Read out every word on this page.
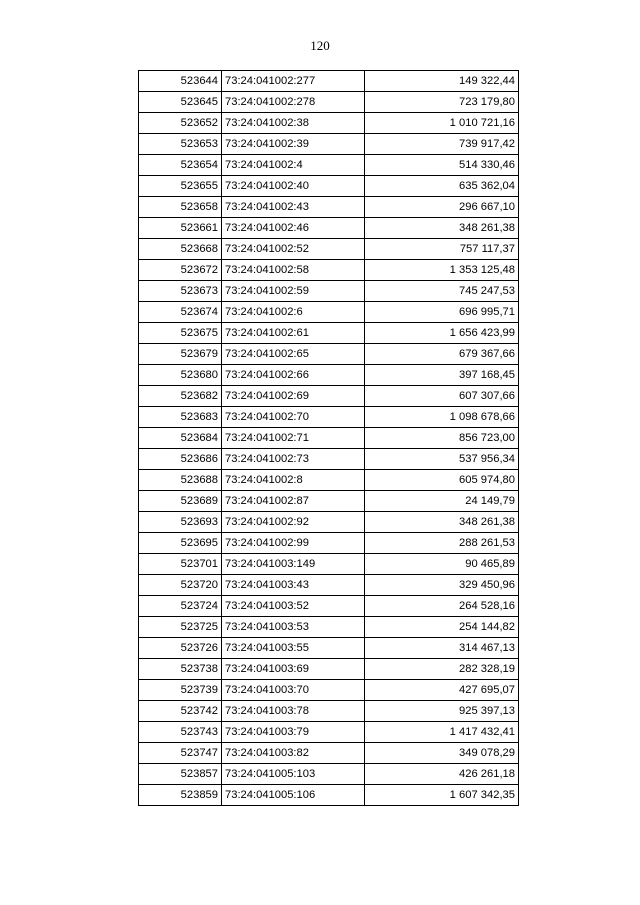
120
523644	73:24:041002:277	149 322,44
523645	73:24:041002:278	723 179,80
523652	73:24:041002:38	1 010 721,16
523653	73:24:041002:39	739 917,42
523654	73:24:041002:4	514 330,46
523655	73:24:041002:40	635 362,04
523658	73:24:041002:43	296 667,10
523661	73:24:041002:46	348 261,38
523668	73:24:041002:52	757 117,37
523672	73:24:041002:58	1 353 125,48
523673	73:24:041002:59	745 247,53
523674	73:24:041002:6	696 995,71
523675	73:24:041002:61	1 656 423,99
523679	73:24:041002:65	679 367,66
523680	73:24:041002:66	397 168,45
523682	73:24:041002:69	607 307,66
523683	73:24:041002:70	1 098 678,66
523684	73:24:041002:71	856 723,00
523686	73:24:041002:73	537 956,34
523688	73:24:041002:8	605 974,80
523689	73:24:041002:87	24 149,79
523693	73:24:041002:92	348 261,38
523695	73:24:041002:99	288 261,53
523701	73:24:041003:149	90 465,89
523720	73:24:041003:43	329 450,96
523724	73:24:041003:52	264 528,16
523725	73:24:041003:53	254 144,82
523726	73:24:041003:55	314 467,13
523738	73:24:041003:69	282 328,19
523739	73:24:041003:70	427 695,07
523742	73:24:041003:78	925 397,13
523743	73:24:041003:79	1 417 432,41
523747	73:24:041003:82	349 078,29
523857	73:24:041005:103	426 261,18
523859	73:24:041005:106	1 607 342,35
